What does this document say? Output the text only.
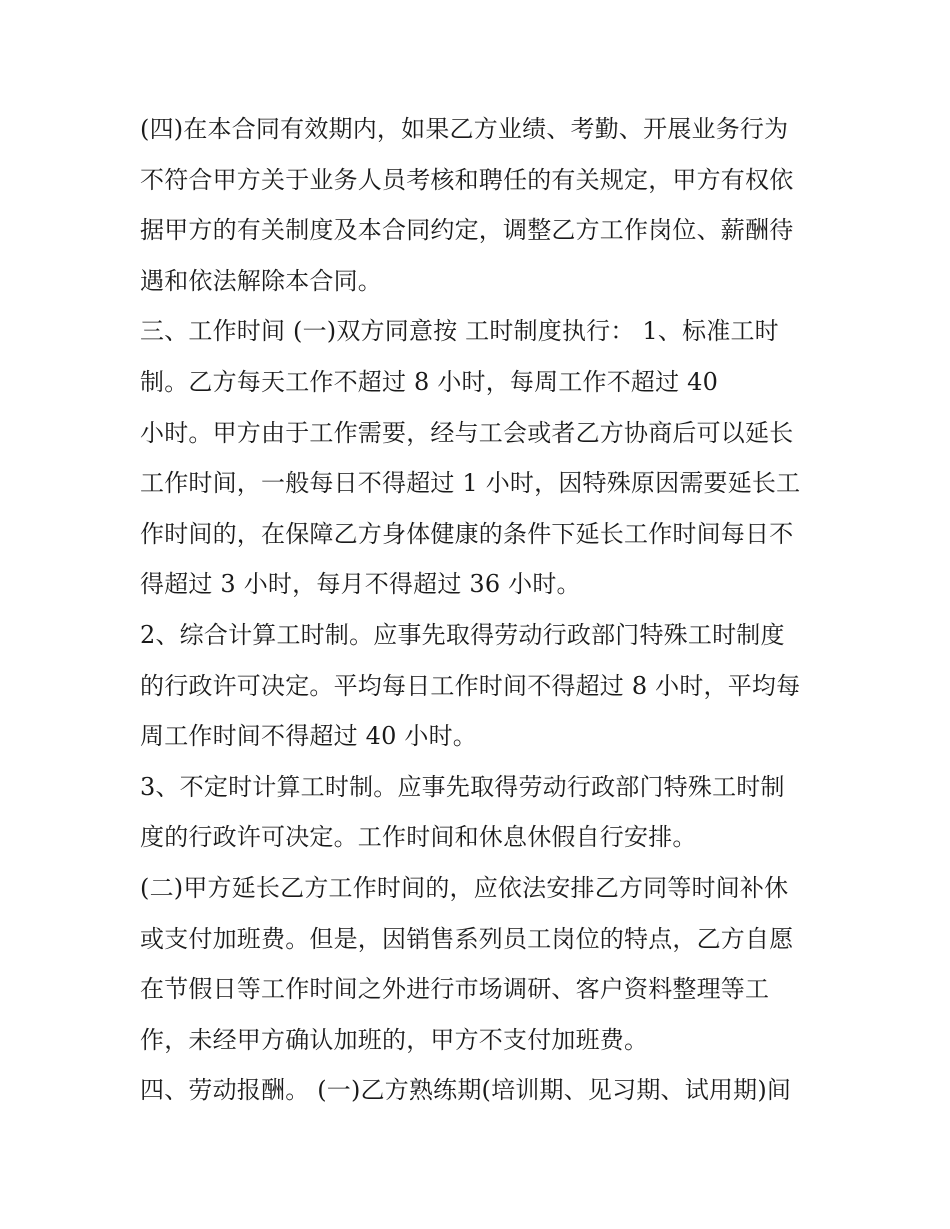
(四)在本合同有效期内，如果乙方业绩、考勤、开展业务行为
不符合甲方关于业务人员考核和聘任的有关规定，甲方有权依
据甲方的有关制度及本合同约定，调整乙方工作岗位、薪酬待
遇和依法解除本合同。
三、工作时间 (一)双方同意按 工时制度执行： 1、标准工时
制。乙方每天工作不超过 8 小时，每周工作不超过 40
小时。甲方由于工作需要，经与工会或者乙方协商后可以延长
工作时间，一般每日不得超过 1 小时，因特殊原因需要延长工
作时间的，在保障乙方身体健康的条件下延长工作时间每日不
得超过 3 小时，每月不得超过 36 小时。
2、综合计算工时制。应事先取得劳动行政部门特殊工时制度
的行政许可决定。平均每日工作时间不得超过 8 小时，平均每
周工作时间不得超过 40 小时。
3、不定时计算工时制。应事先取得劳动行政部门特殊工时制
度的行政许可决定。工作时间和休息休假自行安排。
(二)甲方延长乙方工作时间的，应依法安排乙方同等时间补休
或支付加班费。但是，因销售系列员工岗位的特点，乙方自愿
在节假日等工作时间之外进行市场调研、客户资料整理等工
作，未经甲方确认加班的，甲方不支付加班费。
四、劳动报酬。 (一)乙方熟练期(培训期、见习期、试用期)间
